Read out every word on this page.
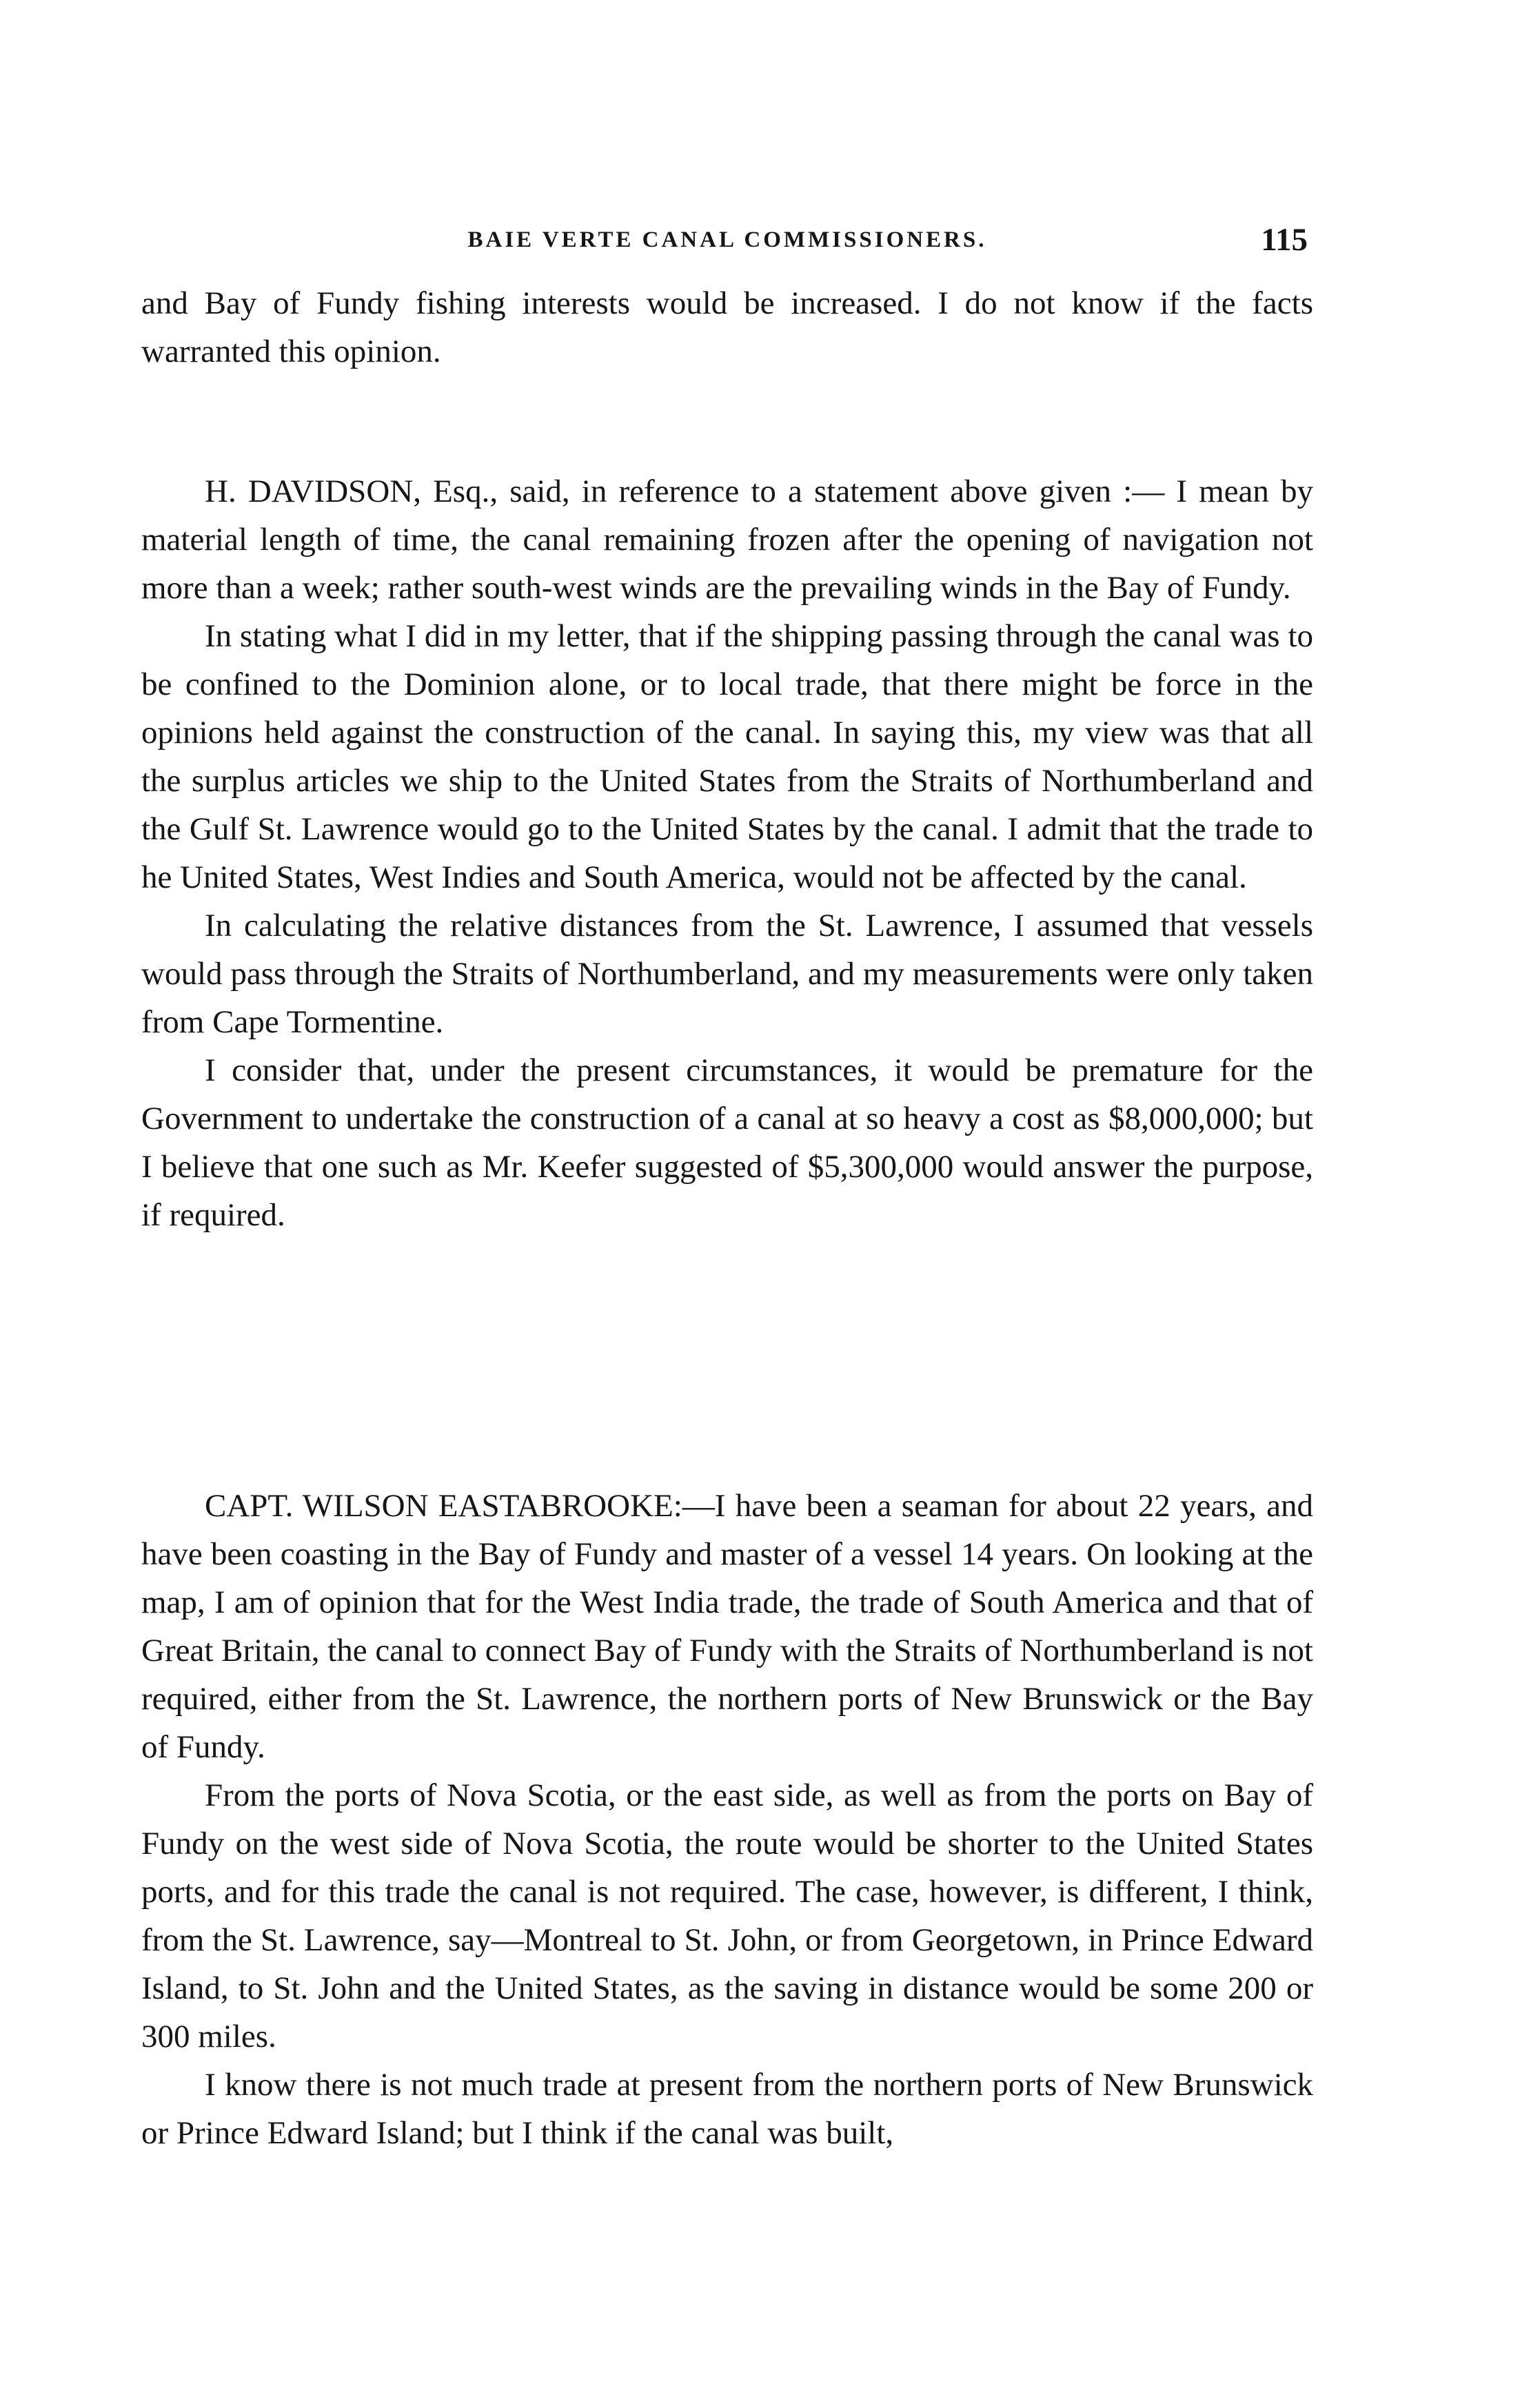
BAIE VERTE CANAL COMMISSIONERS.	115

and Bay of Fundy fishing interests would be increased. I do not know if the facts warranted this opinion.

H. DAVIDSON, Esq., said, in reference to a statement above given :— I mean by material length of time, the canal remaining frozen after the opening of navigation not more than a week; rather south-west winds are the prevailing winds in the Bay of Fundy.

In stating what I did in my letter, that if the shipping passing through the canal was to be confined to the Dominion alone, or to local trade, that there might be force in the opinions held against the construction of the canal. In saying this, my view was that all the surplus articles we ship to the United States from the Straits of Northumberland and the Gulf St. Lawrence would go to the United States by the canal. I admit that the trade to he United States, West Indies and South America, would not be affected by the canal.

In calculating the relative distances from the St. Lawrence, I assumed that vessels would pass through the Straits of Northumberland, and my measurements were only taken from Cape Tormentine.

I consider that, under the present circumstances, it would be premature for the Government to undertake the construction of a canal at so heavy a cost as $8,000,000; but I believe that one such as Mr. Keefer suggested of $5,300,000 would answer the purpose, if required.

CAPT. WILSON EASTABROOKE:—I have been a seaman for about 22 years, and have been coasting in the Bay of Fundy and master of a vessel 14 years. On looking at the map, I am of opinion that for the West India trade, the trade of South America and that of Great Britain, the canal to connect Bay of Fundy with the Straits of Northumberland is not required, either from the St. Lawrence, the northern ports of New Brunswick or the Bay of Fundy.

From the ports of Nova Scotia, or the east side, as well as from the ports on Bay of Fundy on the west side of Nova Scotia, the route would be shorter to the United States ports, and for this trade the canal is not required. The case, however, is different, I think, from the St. Lawrence, say—Montreal to St. John, or from Georgetown, in Prince Edward Island, to St. John and the United States, as the saving in distance would be some 200 or 300 miles.

I know there is not much trade at present from the northern ports of New Brunswick or Prince Edward Island; but I think if the canal was built,
